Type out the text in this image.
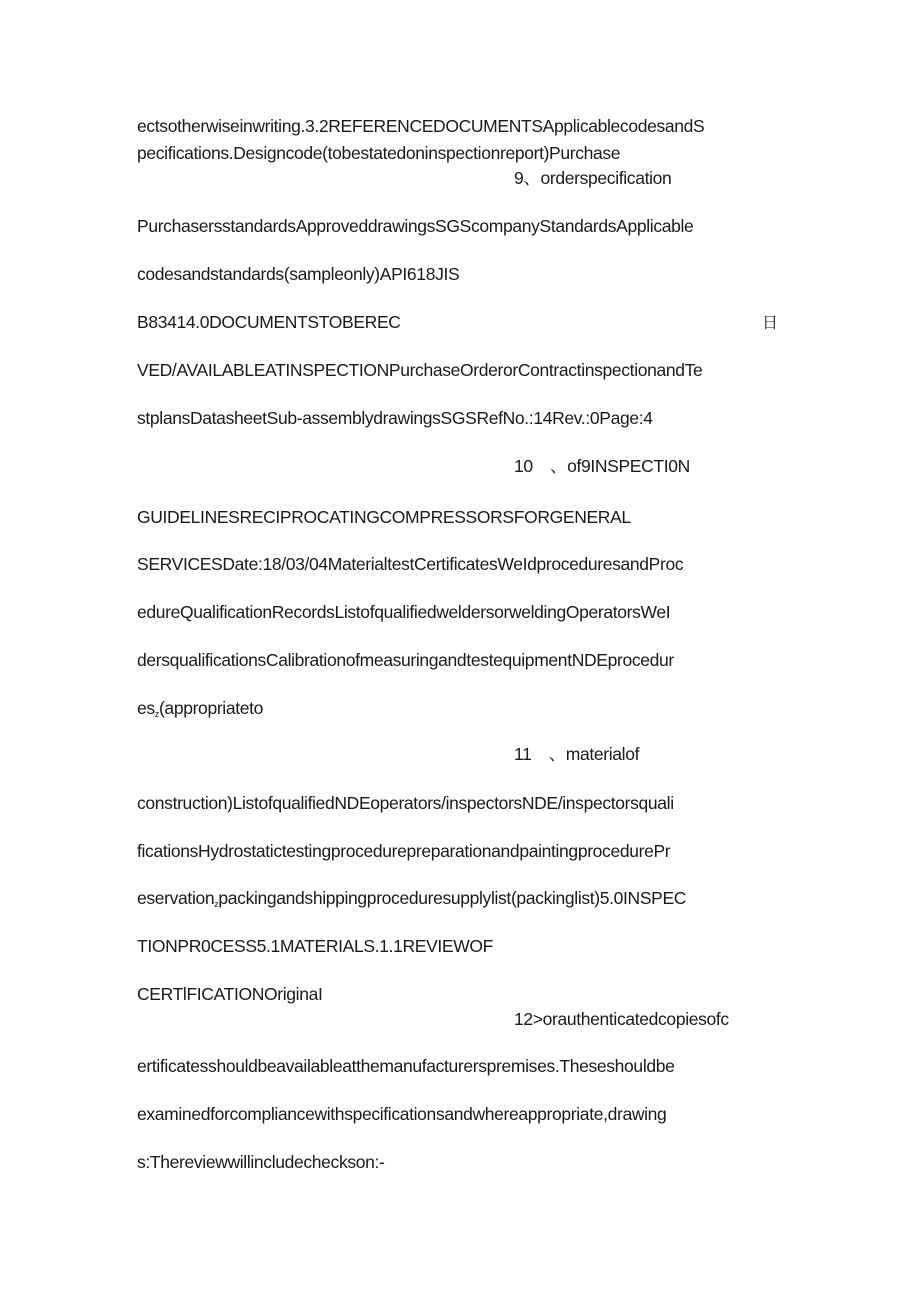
ectsotherwiseinwriting.3.2REFERENCEDOCUMENTSApplicablecodesandS
pecifications.Designcode(tobestatedoninspectionreport)Purchase
9、orderspecification
PurchasersstandardsApproveddrawingsSGScompanyStandardsApplicable
codesandstandards(sampleonly)API618JIS
B83414.0DOCUMENTSTOBEREC	日
VED/AVAILABLEATINSPECTIONPurchaseOrderorContractinspectionandTe
stplansDatasheetSub-assemblydrawingsSGSRefNo.:14Rev.:0Page:4
10　、of9INSPECTI0N
GUIDELINESRECIPROCATINGCOMPRESSORSFORGENERAL
SERVICESDate:18/03/04MaterialtestCertificatesWeIdproceduresandProc
edureQualificationRecordsListofqualifiedweldersorweldingOperatorsWeI
dersqualificationsCalibrationofmeasuringandtestequipmentNDEprocedur
$es_z(appropriateto$
11　、materialof
construction)ListofqualifiedNDEoperators/inspectorsNDE/inspectorsquali
ficationsHydrostatictestingprocedurepreparationandpaintingprocedurePr
eservation$_z$packingandshippingproceduresupplylist(packinglist)5.0INSPEC
TIONPR0CESS5.1MATERIALS.1.1REVIEWOF
CERTlFICATIONOriginaI
12>orauthenticatedcopiesofc
ertificatesshouldbeavailableatthemanufacturerspremises.Theseshouldbe
examinedforcompliancewithspecificationsandwhereappropriate,drawing
s:Thereviewwillincludecheckson:-
